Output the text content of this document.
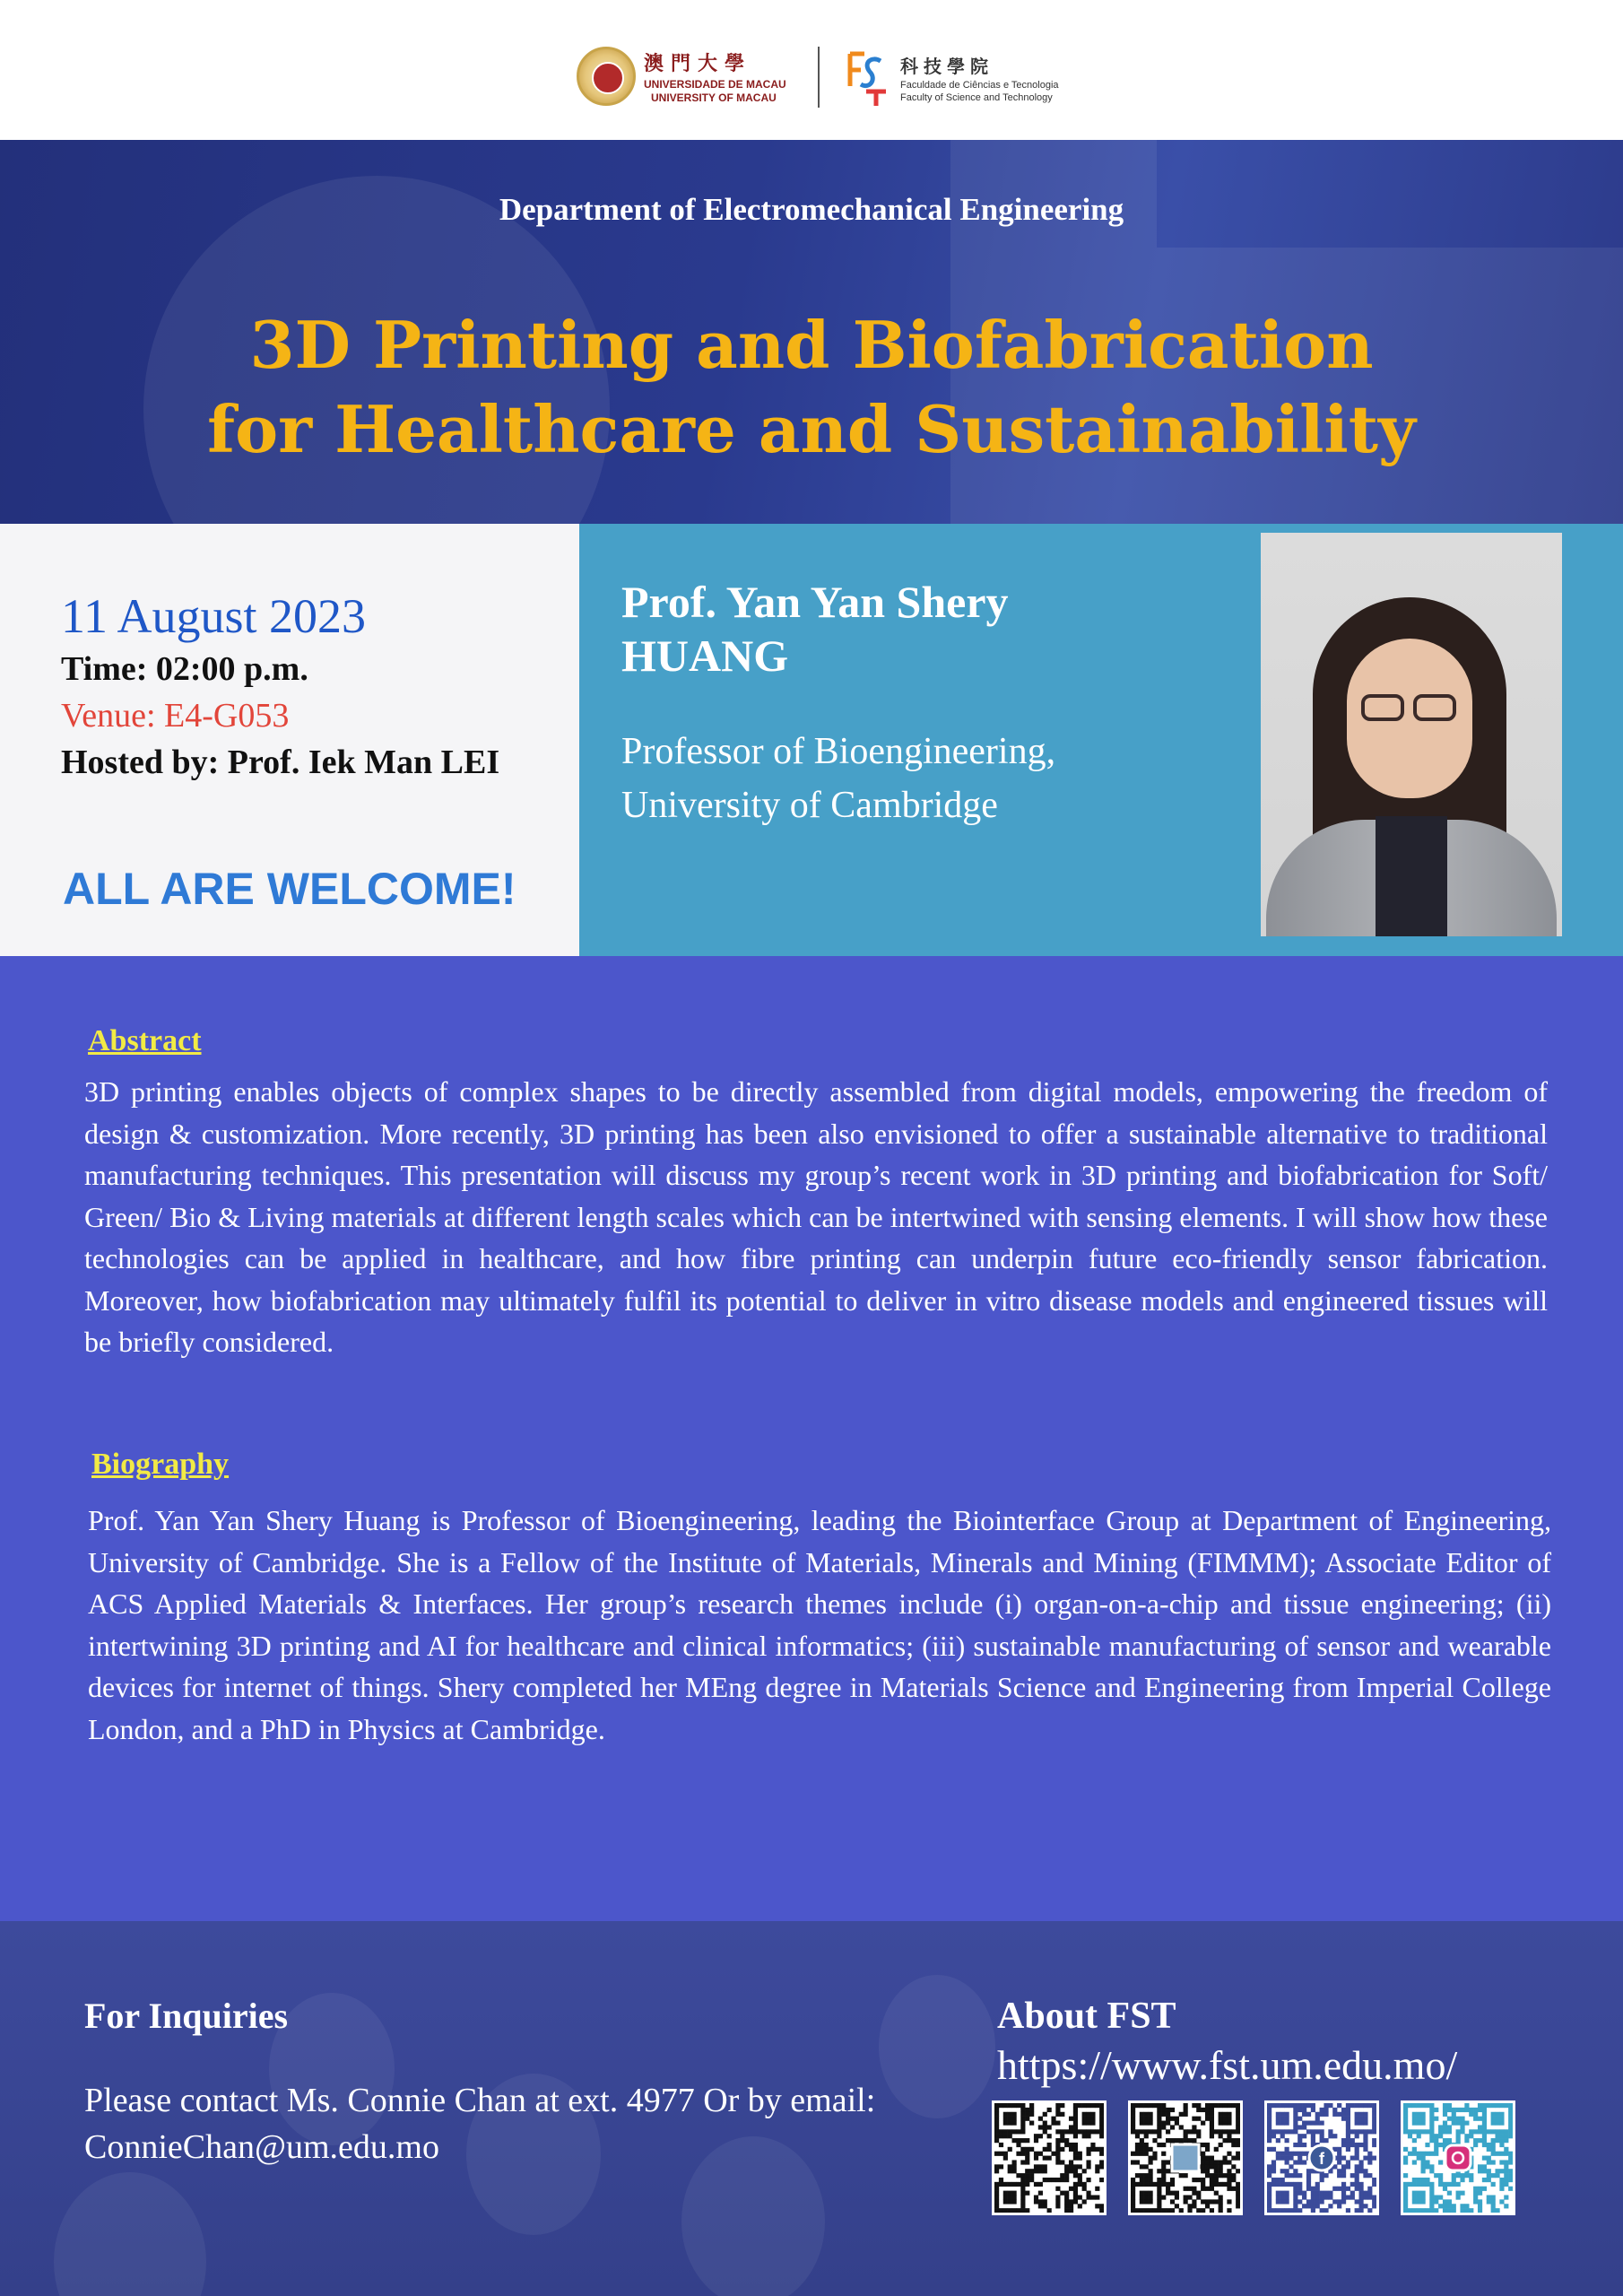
澳門大學
UNIVERSIDADE DE MACAU
UNIVERSITY OF MACAU
科技學院
Faculdade de Ciências e Tecnologia
Faculty of Science and Technology
Department of Electromechanical Engineering
3D Printing and Biofabrication
for Healthcare and Sustainability
11 August 2023
Time: 02:00 p.m.
Venue: E4-G053
Hosted by: Prof. Iek Man LEI
ALL ARE WELCOME!
Prof. Yan Yan Shery
HUANG
Professor of Bioengineering,
University of Cambridge
Abstract
3D printing enables objects of complex shapes to be directly assembled from digital models, empowering the freedom of design & customization. More recently, 3D printing has been also envisioned to offer a sustainable alternative to traditional manufacturing techniques. This presentation will discuss my group’s recent work in 3D printing and biofabrication for Soft/ Green/ Bio & Living materials at different length scales which can be intertwined with sensing elements. I will show how these technologies can be applied in healthcare, and how fibre printing can underpin future eco-friendly sensor fabrication. Moreover, how biofabrication may ultimately fulfil its potential to deliver in vitro disease models and engineered tissues will be briefly considered.
Biography
Prof. Yan Yan Shery Huang is Professor of Bioengineering, leading the Biointerface Group at Department of Engineering, University of Cambridge. She is a Fellow of the Institute of Materials, Minerals and Mining (FIMMM); Associate Editor of ACS Applied Materials & Interfaces. Her group’s research themes include (i) organ-on-a-chip and tissue engineering; (ii) intertwining 3D printing and AI for healthcare and clinical informatics; (iii) sustainable manufacturing of sensor and wearable devices for internet of things. Shery completed her MEng degree in Materials Science and Engineering from Imperial College London, and a PhD in Physics at Cambridge.
For Inquiries
Please contact Ms. Connie Chan at ext. 4977 Or by email:
ConnieChan@um.edu.mo
About FST
https://www.fst.um.edu.mo/
f
